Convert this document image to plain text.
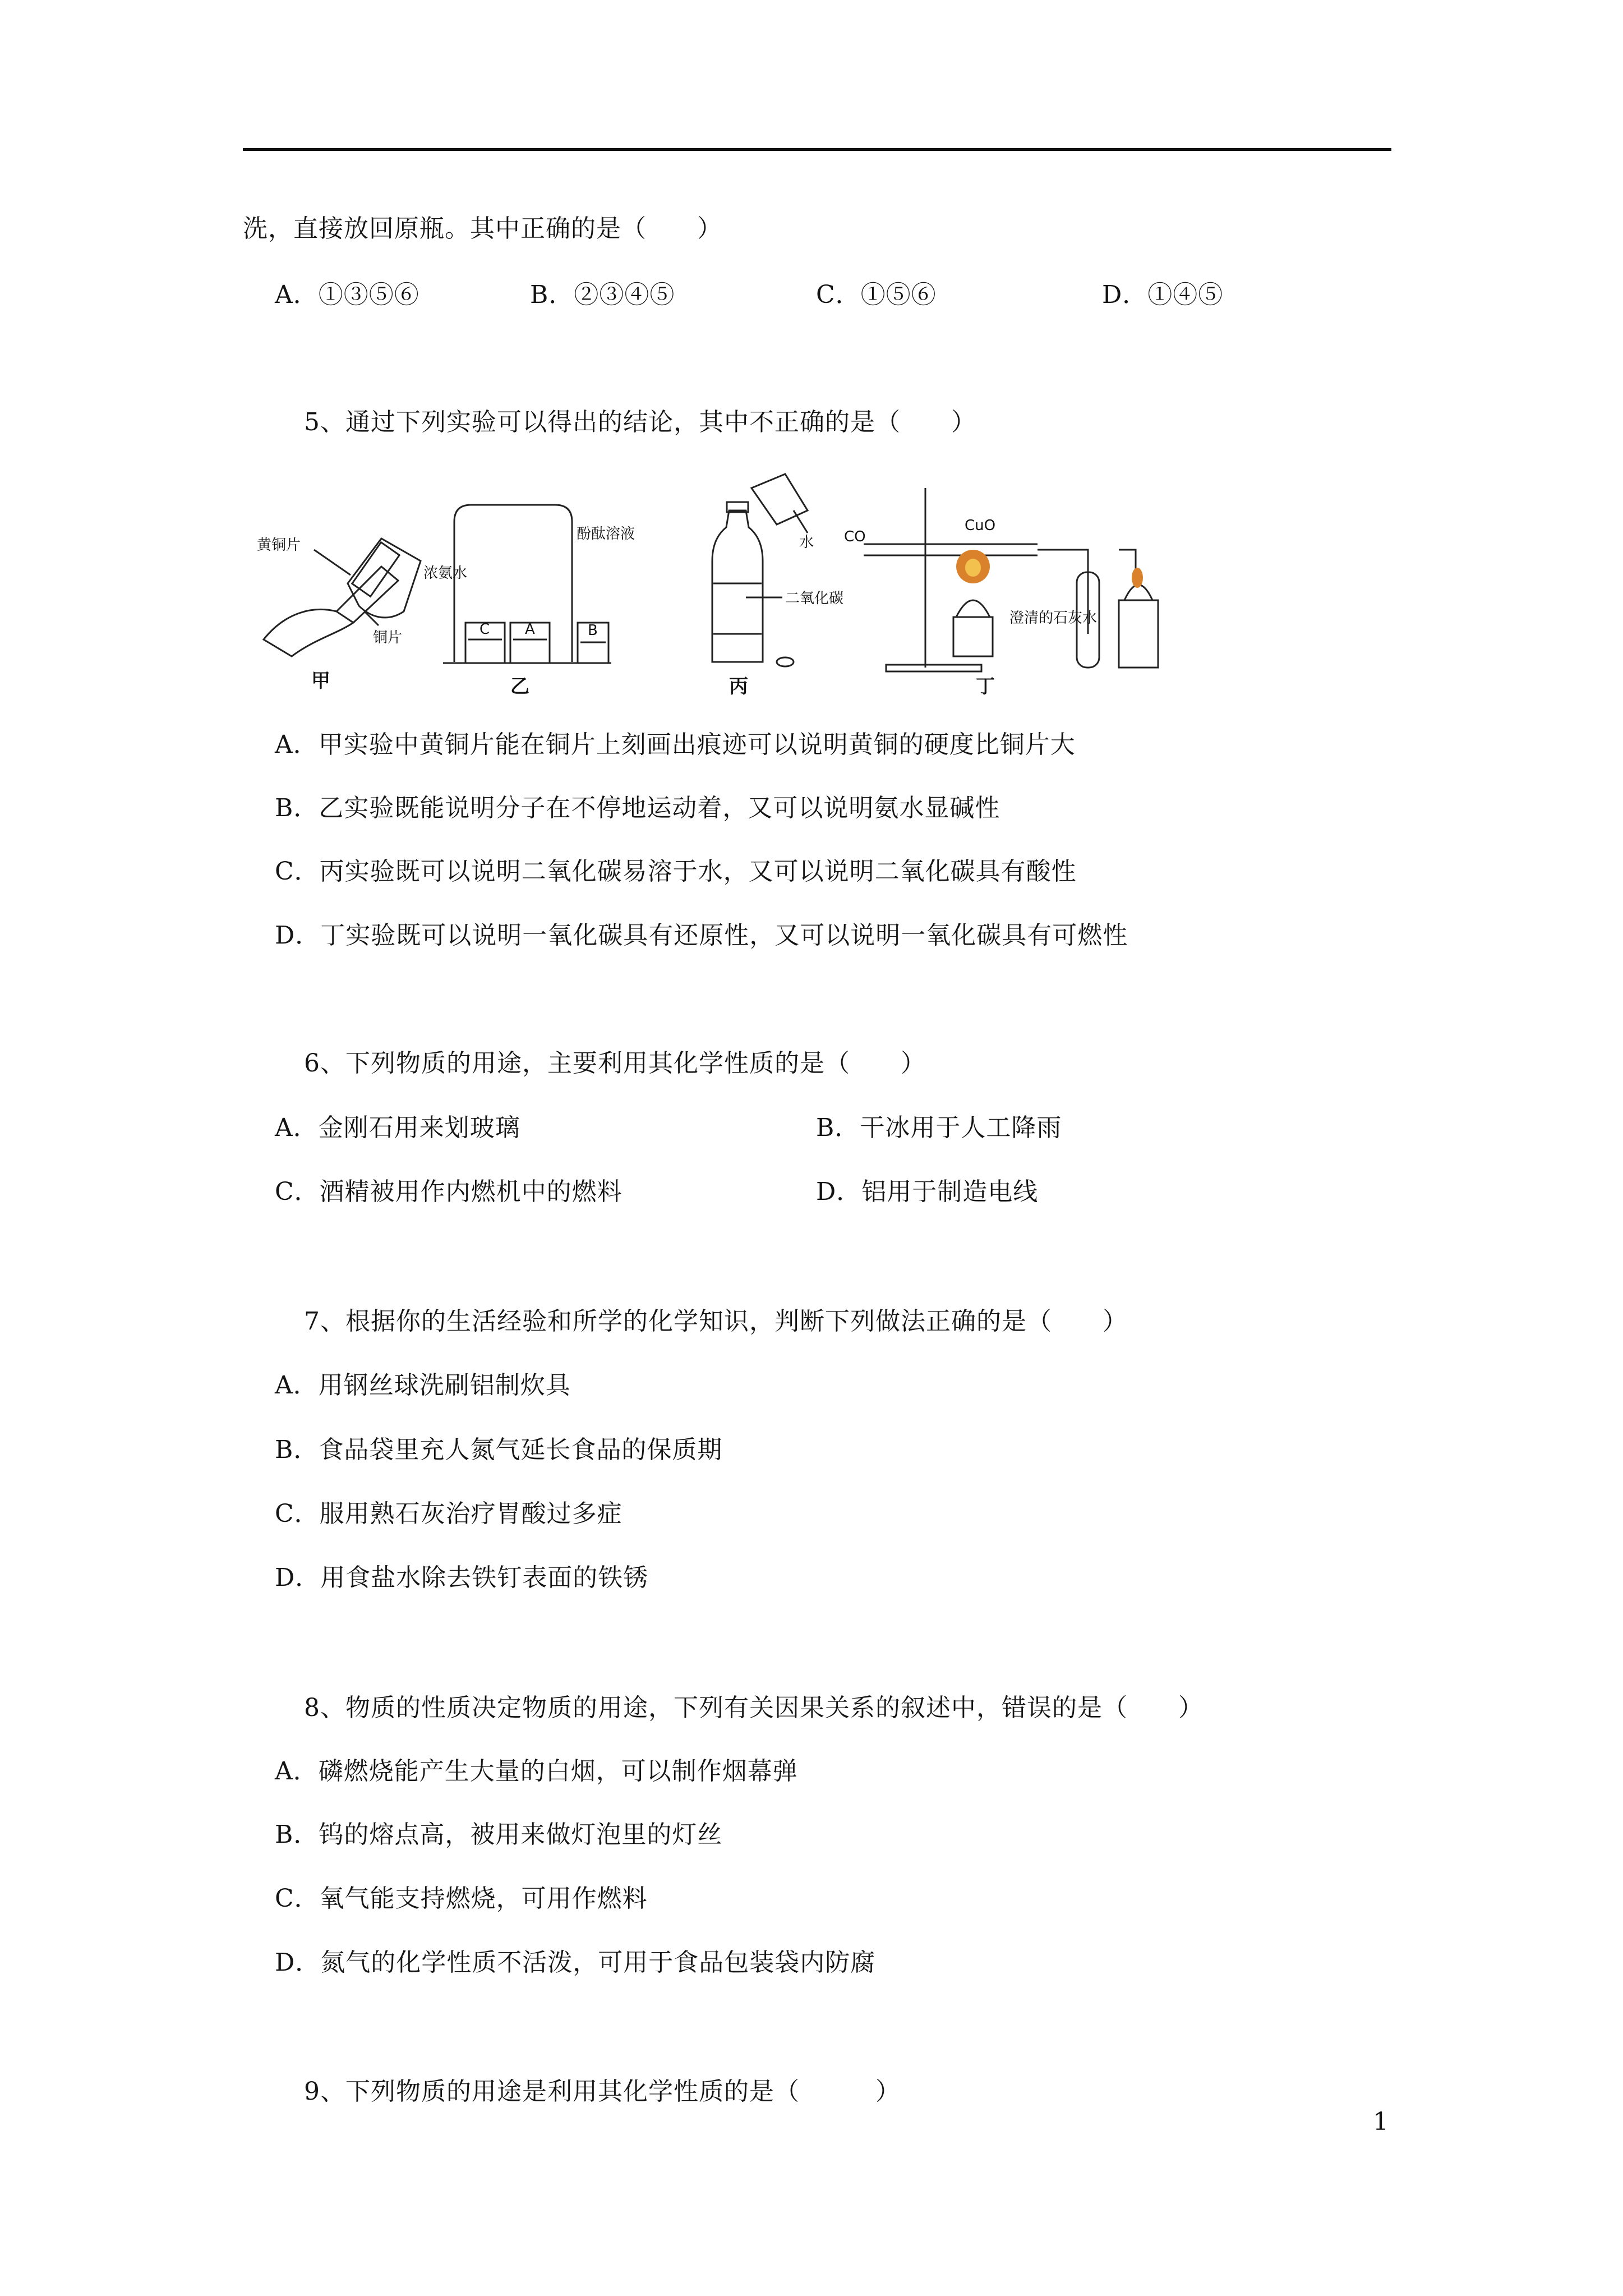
洗，直接放回原瓶。其中正确的是（　　）
A．①③⑤⑥	B．②③④⑤	C．①⑤⑥	D．①④⑤
5、通过下列实验可以得出的结论，其中不正确的是（　　）
黄铜片
铜片
甲
浓氨水
酚酞溶液
C A	B
乙
水
二氧化碳
丙
CO
CuO
澄清的石灰水
丁
A．甲实验中黄铜片能在铜片上刻画出痕迹可以说明黄铜的硬度比铜片大
B．乙实验既能说明分子在不停地运动着，又可以说明氨水显碱性
C．丙实验既可以说明二氧化碳易溶于水，又可以说明二氧化碳具有酸性
D．丁实验既可以说明一氧化碳具有还原性，又可以说明一氧化碳具有可燃性
6、下列物质的用途，主要利用其化学性质的是（　　）
A．金刚石用来划玻璃	B．干冰用于人工降雨
C．酒精被用作内燃机中的燃料	D．铝用于制造电线
7、根据你的生活经验和所学的化学知识，判断下列做法正确的是（　　）
A．用钢丝球洗刷铝制炊具
B．食品袋里充人氮气延长食品的保质期
C．服用熟石灰治疗胃酸过多症
D．用食盐水除去铁钉表面的铁锈
8、物质的性质决定物质的用途，下列有关因果关系的叙述中，错误的是（　　）
A．磷燃烧能产生大量的白烟，可以制作烟幕弹
B．钨的熔点高，被用来做灯泡里的灯丝
C．氧气能支持燃烧，可用作燃料
D．氮气的化学性质不活泼，可用于食品包装袋内防腐
9、下列物质的用途是利用其化学性质的是（　　　）
1
